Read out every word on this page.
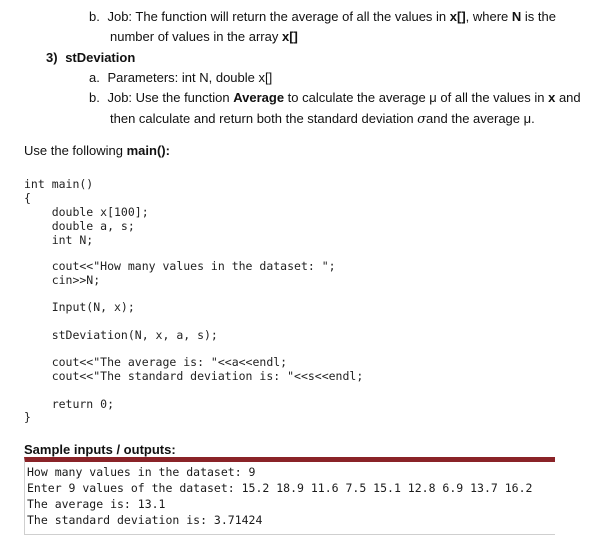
b. Job: The function will return the average of all the values in x[], where N is the
number of values in the array x[]
3) stDeviation
a. Parameters: int N, double x[]
b. Job: Use the function Average to calculate the average μ of all the values in x and
then calculate and return both the standard deviation σand the average μ.
Use the following main():
int main()
{
double x[100];
double a, s;
int N;
cout<<"How many values in the dataset: ";
cin>>N;
Input(N, x);
stDeviation(N, x, a, s);
cout<<"The average is: "<<a<<endl;
cout<<"The standard deviation is: "<<s<<endl;
return 0;
}
Sample inputs / outputs:
How many values in the dataset: 9
Enter 9 values of the dataset: 15.2 18.9 11.6 7.5 15.1 12.8 6.9 13.7 16.2
The average is: 13.1
The standard deviation is: 3.71424
